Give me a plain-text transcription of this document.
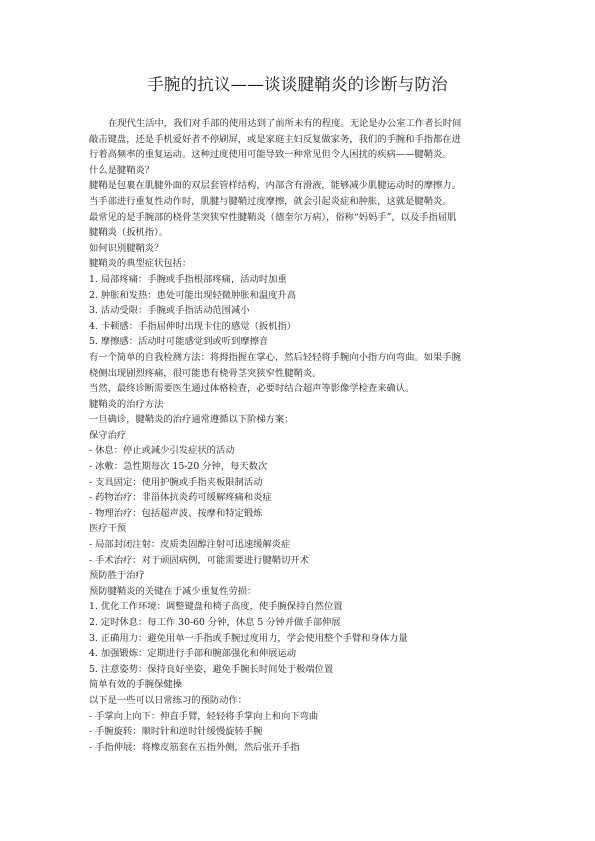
手腕的抗议——谈谈腱鞘炎的诊断与防治

在现代生活中，我们对手部的使用达到了前所未有的程度。无论是办公室工作者长时间

敲击键盘，还是手机爱好者不停刷屏，或是家庭主妇反复做家务，我们的手腕和手指都在进

行着高频率的重复运动。这种过度使用可能导致一种常见但令人困扰的疾病——腱鞘炎。

什么是腱鞘炎？

腱鞘是包裹在肌腱外面的双层套管样结构，内部含有滑液，能够减少肌腱运动时的摩擦力。

当手部进行重复性动作时，肌腱与腱鞘过度摩擦，就会引起炎症和肿胀，这就是腱鞘炎。

最常见的是手腕部的桡骨茎突狭窄性腱鞘炎（德奎尔万病），俗称“妈妈手”，以及手指屈肌

腱鞘炎（扳机指）。

如何识别腱鞘炎？

腱鞘炎的典型症状包括：

1. 局部疼痛：手腕或手指根部疼痛，活动时加重

2. 肿胀和发热：患处可能出现轻微肿胀和温度升高

3. 活动受限：手腕或手指活动范围减小

4. 卡顿感：手指屈伸时出现卡住的感觉（扳机指）

5. 摩擦感：活动时可能感觉到或听到摩擦音

有一个简单的自我检测方法：将拇指握在掌心，然后轻轻将手腕向小指方向弯曲。如果手腕

桡侧出现剧烈疼痛，很可能患有桡骨茎突狭窄性腱鞘炎。

当然，最终诊断需要医生通过体格检查，必要时结合超声等影像学检查来确认。

腱鞘炎的治疗方法

一旦确诊，腱鞘炎的治疗通常遵循以下阶梯方案：

保守治疗

- 休息：停止或减少引发症状的活动

- 冰敷：急性期每次 15-20 分钟，每天数次

- 支具固定：使用护腕或手指夹板限制活动

- 药物治疗：非甾体抗炎药可缓解疼痛和炎症

- 物理治疗：包括超声波、按摩和特定锻炼

医疗干预

- 局部封闭注射：皮质类固醇注射可迅速缓解炎症

- 手术治疗：对于顽固病例，可能需要进行腱鞘切开术

预防胜于治疗

预防腱鞘炎的关键在于减少重复性劳损：

1. 优化工作环境：调整键盘和椅子高度，使手腕保持自然位置

2. 定时休息：每工作 30-60 分钟，休息 5 分钟并做手部伸展

3. 正确用力：避免用单一手指或手腕过度用力，学会使用整个手臂和身体力量

4. 加强锻炼：定期进行手部和腕部强化和伸展运动

5. 注意姿势：保持良好坐姿，避免手腕长时间处于极端位置

简单有效的手腕保健操

以下是一些可以日常练习的预防动作：

- 手掌向上向下：伸直手臂，轻轻将手掌向上和向下弯曲

- 手腕旋转：顺时针和逆时针缓慢旋转手腕

- 手指伸展：将橡皮筋套在五指外侧，然后张开手指
